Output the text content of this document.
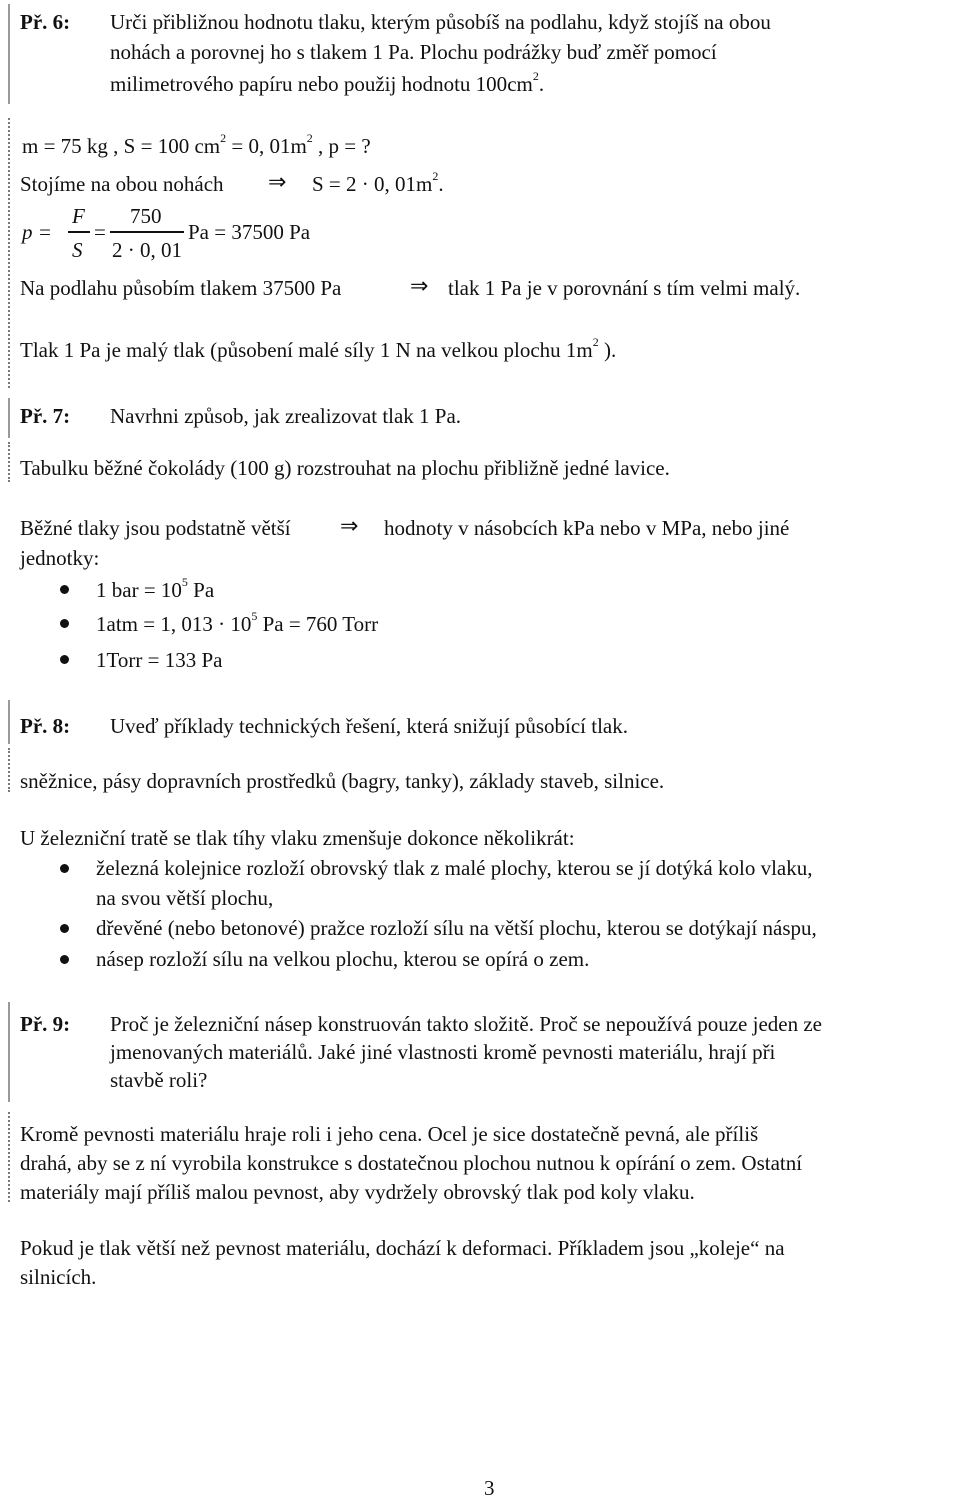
Př. 6: Urči přibližnou hodnotu tlaku, kterým působíš na podlahu, když stojíš na obou
nohách a porovnej ho s tlakem 1 Pa. Plochu podrážky buď změř pomocí
milimetrového papíru nebo použij hodnotu $100cm^2$.
m = 75 kg , S = 100 $cm^2 = 0$, $01m^2$ , p = ?
Stojíme na obou nohách ⇒ S = 2 · 0, $01m^2$.
p =
F
S
=
750
2 · 0, 01
Pa = 37500 Pa
Na podlahu působím tlakem 37500 Pa	⇒ tlak 1 Pa je v porovnání s tím velmi malý.
Tlak 1 Pa je malý tlak (působení malé síly 1 N na velkou plochu $1m^2$ ).
Př. 7: Navrhni způsob, jak zrealizovat tlak 1 Pa.
Tabulku běžné čokolády (100 g) rozstrouhat na plochu přibližně jedné lavice.
Běžné tlaky jsou podstatně větší ⇒ hodnoty v násobcích kPa nebo v MPa, nebo jiné
jednotky:
1 bar = $10^5$ Pa
1atm = 1, $013 \cdot 10^5$ Pa = 760 Torr
1Torr = 133 Pa
Př. 8: Uveď příklady technických řešení, která snižují působící tlak.
sněžnice, pásy dopravních prostředků (bagry, tanky), základy staveb, silnice.
U železniční tratě se tlak tíhy vlaku zmenšuje dokonce několikrát:
železná kolejnice rozloží obrovský tlak z malé plochy, kterou se jí dotýká kolo vlaku,
na svou větší plochu,
dřevěné (nebo betonové) pražce rozloží sílu na větší plochu, kterou se dotýkají náspu,
násep rozloží sílu na velkou plochu, kterou se opírá o zem.
Př. 9: Proč je železniční násep konstruován takto složitě. Proč se nepoužívá pouze jeden ze
jmenovaných materiálů. Jaké jiné vlastnosti kromě pevnosti materiálu, hrají při
stavbě roli?
Kromě pevnosti materiálu hraje roli i jeho cena. Ocel je sice dostatečně pevná, ale příliš
drahá, aby se z ní vyrobila konstrukce s dostatečnou plochou nutnou k opírání o zem. Ostatní
materiály mají příliš malou pevnost, aby vydržely obrovský tlak pod koly vlaku.
Pokud je tlak větší než pevnost materiálu, dochází k deformaci. Příkladem jsou „koleje“ na
silnicích.
3
